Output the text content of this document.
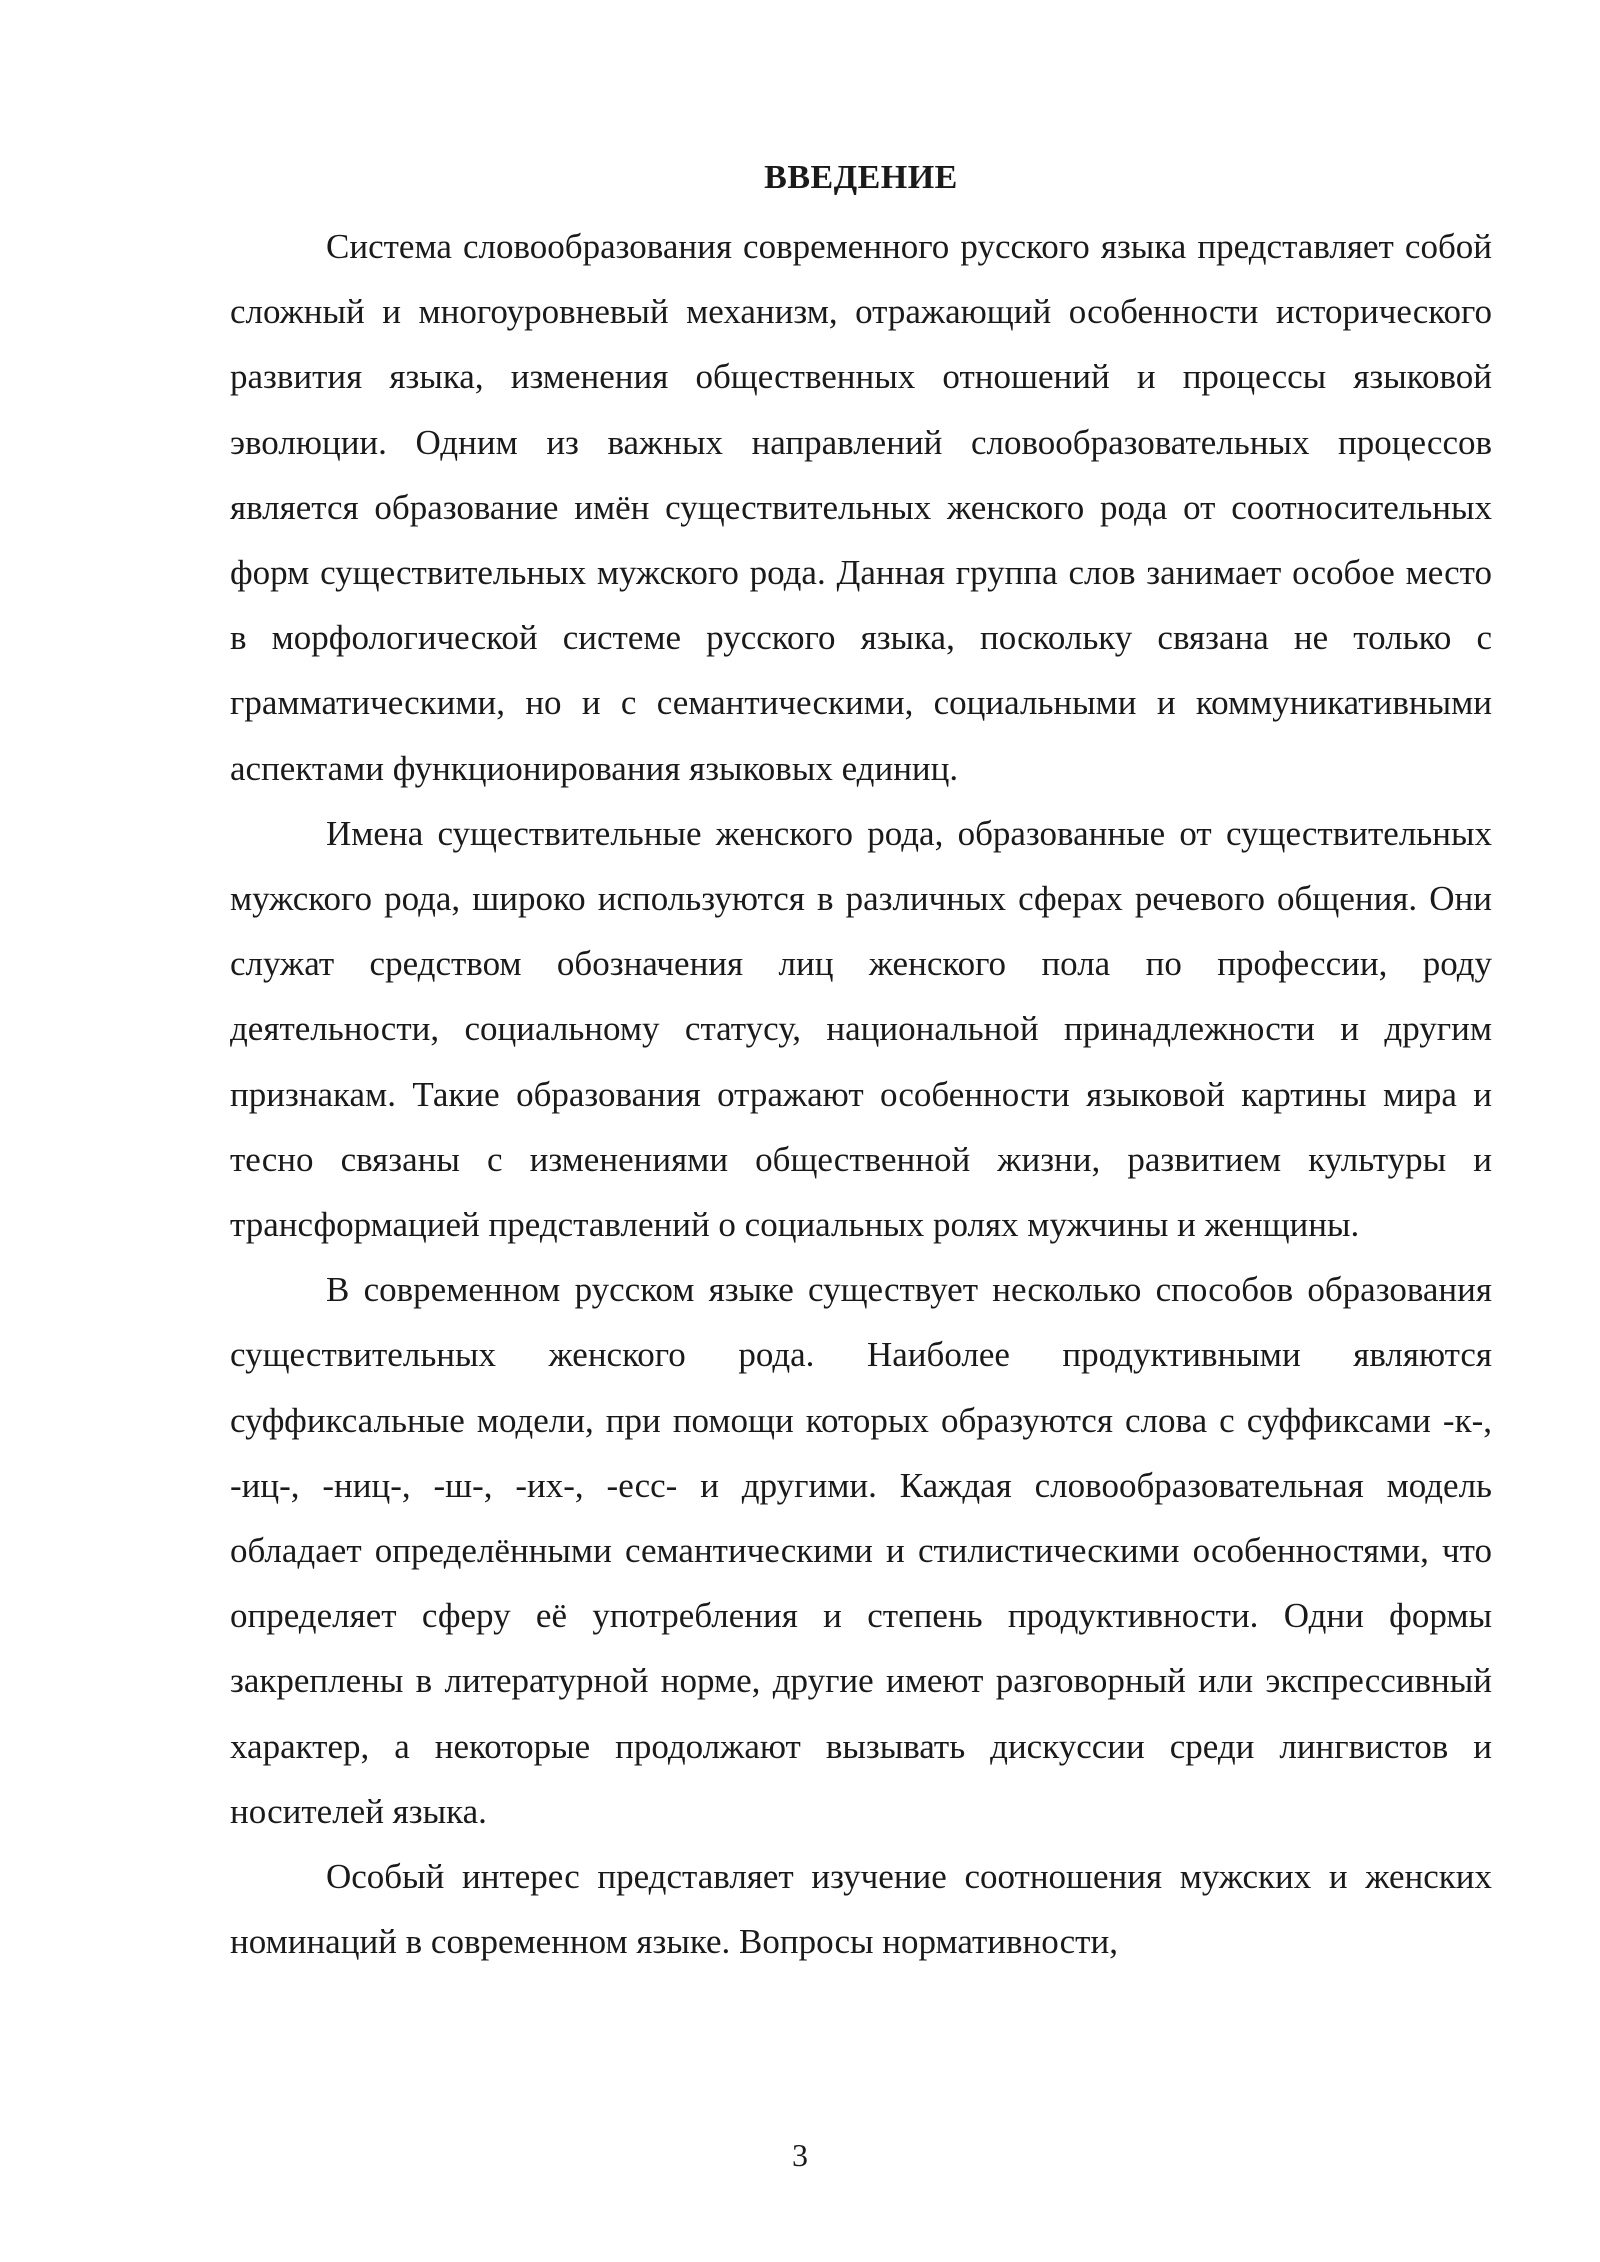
ВВЕДЕНИЕ

Система словообразования современного русского языка представляет собой сложный и многоуровневый механизм, отражающий особенности исторического развития языка, изменения общественных отношений и процессы языковой эволюции. Одним из важных направлений словообразовательных процессов является образование имён существительных женского рода от соотносительных форм существительных мужского рода. Данная группа слов занимает особое место в морфологической системе русского языка, поскольку связана не только с грамматическими, но и с семантическими, социальными и коммуникативными аспектами функционирования языковых единиц.

Имена существительные женского рода, образованные от существительных мужского рода, широко используются в различных сферах речевого общения. Они служат средством обозначения лиц женского пола по профессии, роду деятельности, социальному статусу, национальной принадлежности и другим признакам. Такие образования отражают особенности языковой картины мира и тесно связаны с изменениями общественной жизни, развитием культуры и трансформацией представлений о социальных ролях мужчины и женщины.

В современном русском языке существует несколько способов образования существительных женского рода. Наиболее продуктивными являются суффиксальные модели, при помощи которых образуются слова с суффиксами -к-, -иц-, -ниц-, -ш-, -их-, -есс- и другими. Каждая словообразовательная модель обладает определёнными семантическими и стилистическими особенностями, что определяет сферу её употребления и степень продуктивности. Одни формы закреплены в литературной норме, другие имеют разговорный или экспрессивный характер, а некоторые продолжают вызывать дискуссии среди лингвистов и носителей языка.

Особый интерес представляет изучение соотношения мужских и женских номинаций в современном языке. Вопросы нормативности,

3
